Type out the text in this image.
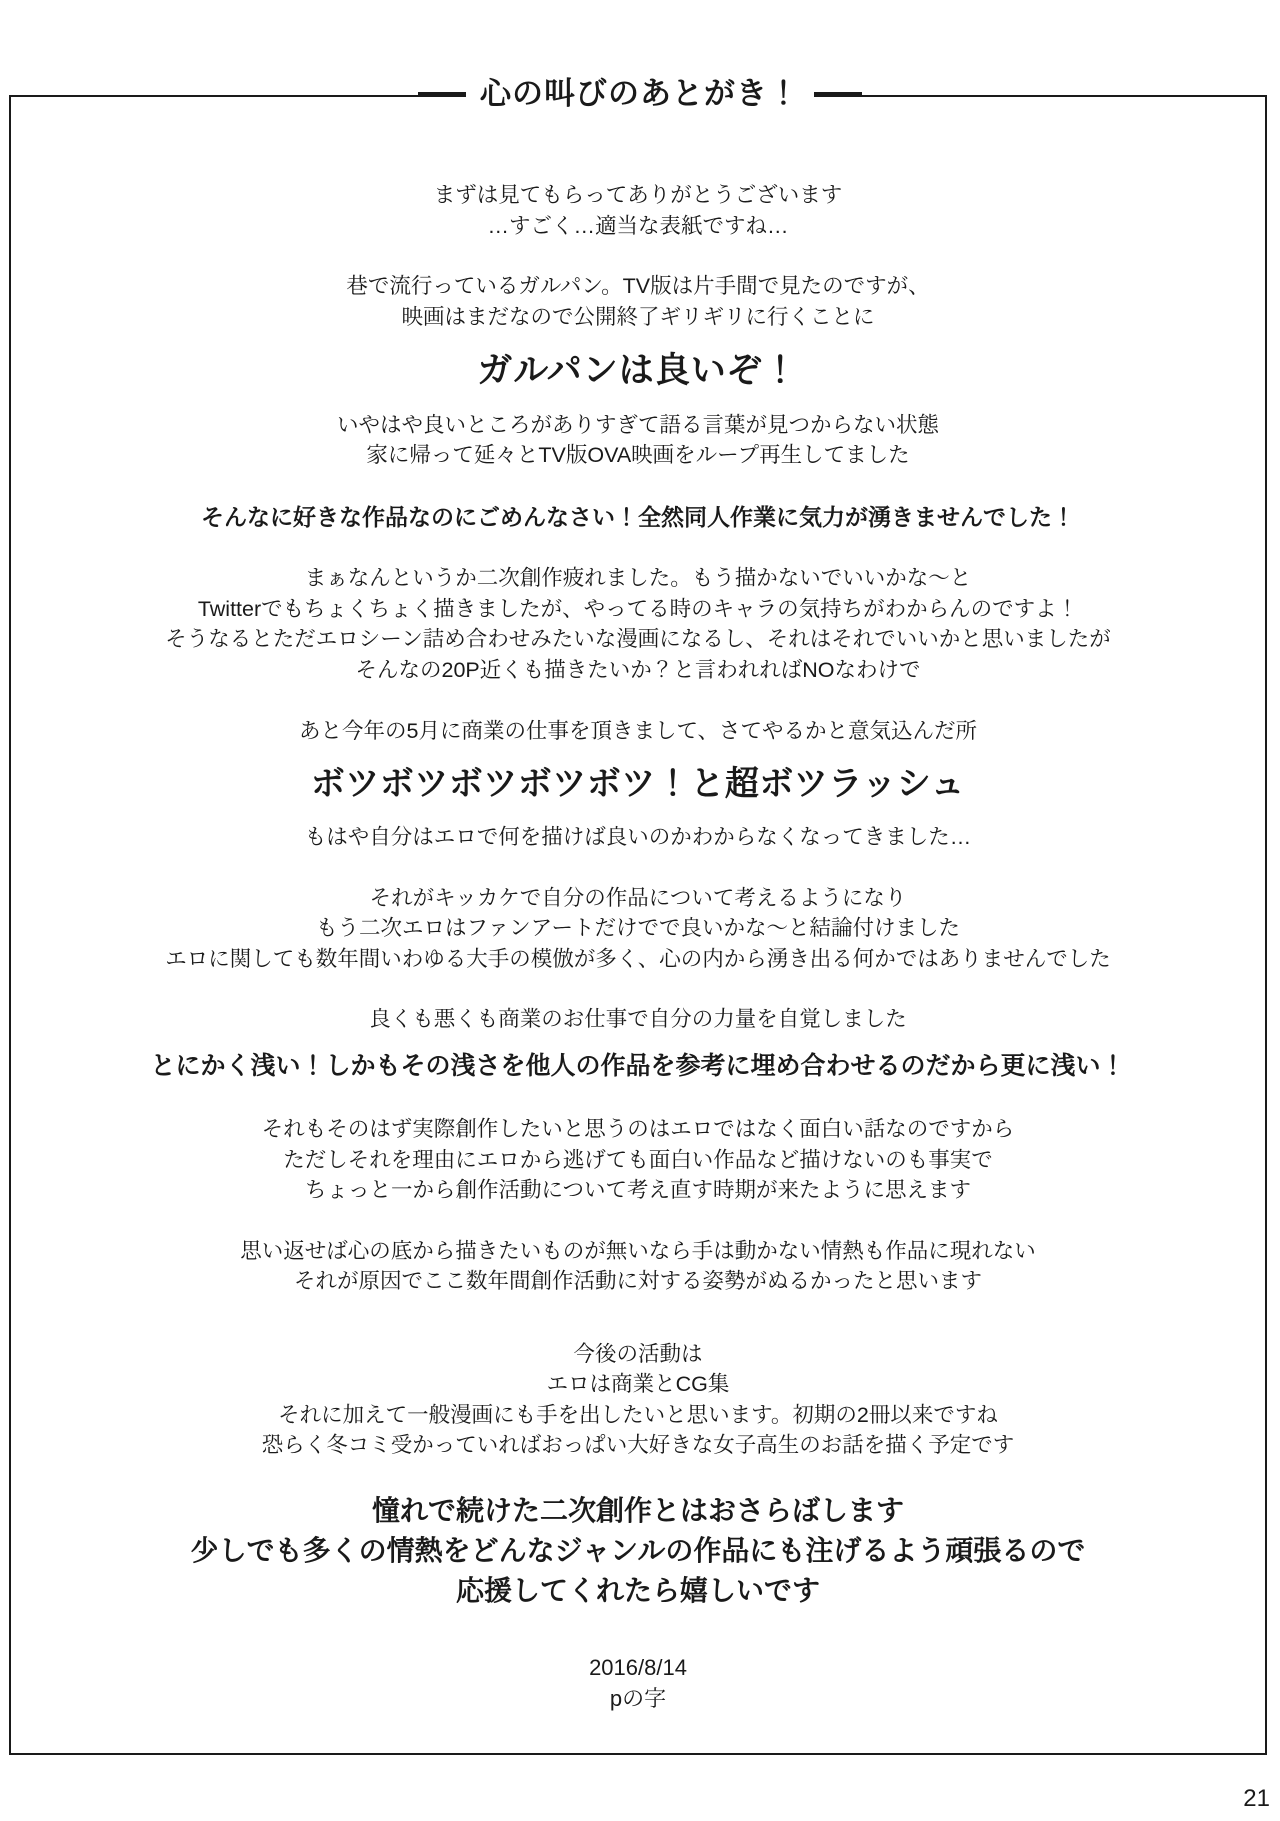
心の叫びのあとがき！
まずは見てもらってありがとうございます
…すごく…適当な表紙ですね…
巷で流行っているガルパン。TV版は片手間で見たのですが、
映画はまだなので公開終了ギリギリに行くことに
ガルパンは良いぞ！
いやはや良いところがありすぎて語る言葉が見つからない状態
家に帰って延々とTV版OVA映画をループ再生してました
そんなに好きな作品なのにごめんなさい！全然同人作業に気力が湧きませんでした！
まぁなんというか二次創作疲れました。もう描かないでいいかな〜と
Twitterでもちょくちょく描きましたが、やってる時のキャラの気持ちがわからんのですよ！
そうなるとただエロシーン詰め合わせみたいな漫画になるし、それはそれでいいかと思いましたが
そんなの20P近くも描きたいか？と言われればNOなわけで
あと今年の5月に商業の仕事を頂きまして、さてやるかと意気込んだ所
ボツボツボツボツボツ！と超ボツラッシュ
もはや自分はエロで何を描けば良いのかわからなくなってきました…
それがキッカケで自分の作品について考えるようになり
もう二次エロはファンアートだけでで良いかな〜と結論付けました
エロに関しても数年間いわゆる大手の模倣が多く、心の内から湧き出る何かではありませんでした
良くも悪くも商業のお仕事で自分の力量を自覚しました
とにかく浅い！しかもその浅さを他人の作品を参考に埋め合わせるのだから更に浅い！
それもそのはず実際創作したいと思うのはエロではなく面白い話なのですから
ただしそれを理由にエロから逃げても面白い作品など描けないのも事実で
ちょっと一から創作活動について考え直す時期が来たように思えます
思い返せば心の底から描きたいものが無いなら手は動かない情熱も作品に現れない
それが原因でここ数年間創作活動に対する姿勢がぬるかったと思います
今後の活動は
エロは商業とCG集
それに加えて一般漫画にも手を出したいと思います。初期の2冊以来ですね
恐らく冬コミ受かっていればおっぱい大好きな女子高生のお話を描く予定です
憧れで続けた二次創作とはおさらばします
少しでも多くの情熱をどんなジャンルの作品にも注げるよう頑張るので
応援してくれたら嬉しいです
2016/8/14
pの字
21
